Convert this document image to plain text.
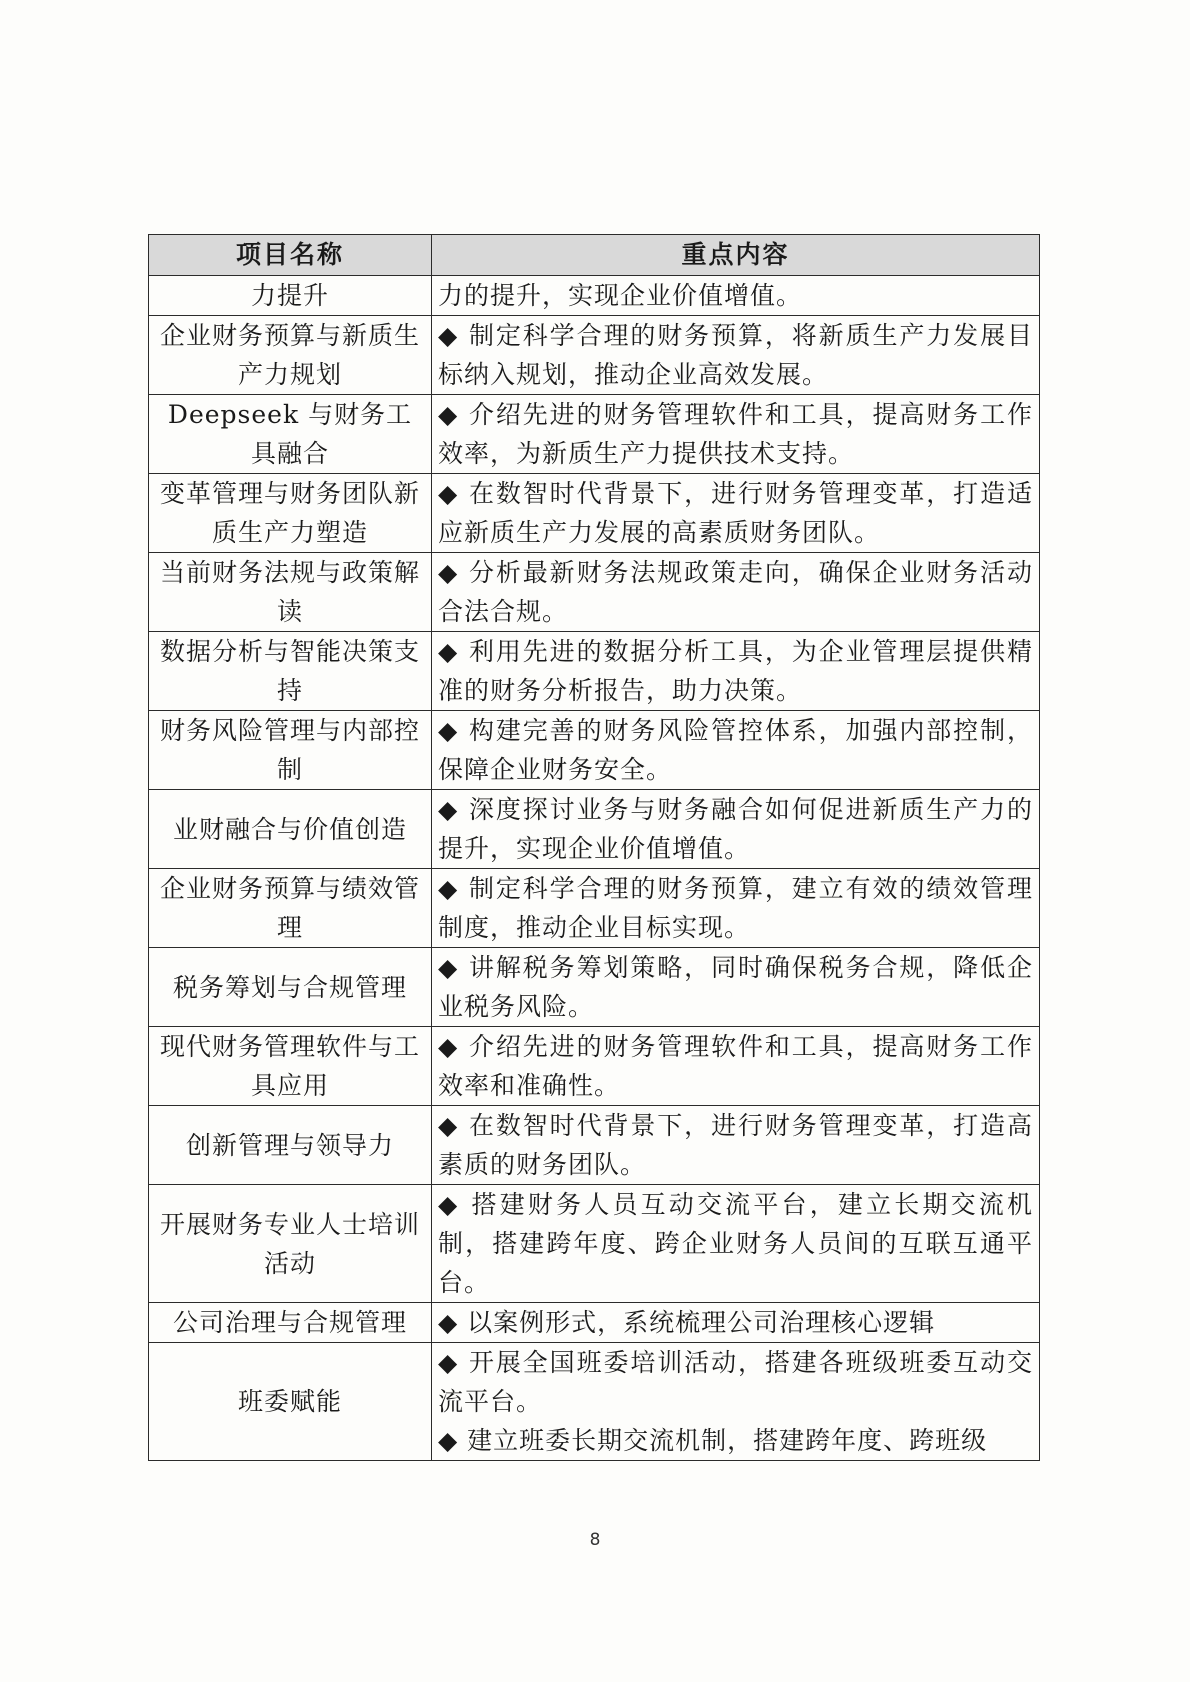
项目名称	重点内容
力提升	力的提升，实现企业价值增值。

企业财务预算与新质生产力规划	◆ 制定科学合理的财务预算，将新质生产力发展目标纳入规划，推动企业高效发展。

Deepseek 与财务工具融合	◆ 介绍先进的财务管理软件和工具，提高财务工作效率，为新质生产力提供技术支持。

变革管理与财务团队新质生产力塑造	◆ 在数智时代背景下，进行财务管理变革，打造适应新质生产力发展的高素质财务团队。

当前财务法规与政策解读	◆ 分析最新财务法规政策走向，确保企业财务活动合法合规。

数据分析与智能决策支持	◆ 利用先进的数据分析工具，为企业管理层提供精准的财务分析报告，助力决策。

财务风险管理与内部控制	◆ 构建完善的财务风险管控体系，加强内部控制，保障企业财务安全。

业财融合与价值创造	◆ 深度探讨业务与财务融合如何促进新质生产力的提升，实现企业价值增值。

企业财务预算与绩效管理	◆ 制定科学合理的财务预算，建立有效的绩效管理制度，推动企业目标实现。

税务筹划与合规管理	◆ 讲解税务筹划策略，同时确保税务合规，降低企业税务风险。

现代财务管理软件与工具应用	◆ 介绍先进的财务管理软件和工具，提高财务工作效率和准确性。

创新管理与领导力	◆ 在数智时代背景下，进行财务管理变革，打造高素质的财务团队。

开展财务专业人士培训活动	◆ 搭建财务人员互动交流平台，建立长期交流机制，搭建跨年度、跨企业财务人员间的互联互通平台。

公司治理与合规管理	◆ 以案例形式，系统梳理公司治理核心逻辑

班委赋能	◆ 开展全国班委培训活动，搭建各班级班委互动交流平台。
◆ 建立班委长期交流机制，搭建跨年度、跨班级
8
